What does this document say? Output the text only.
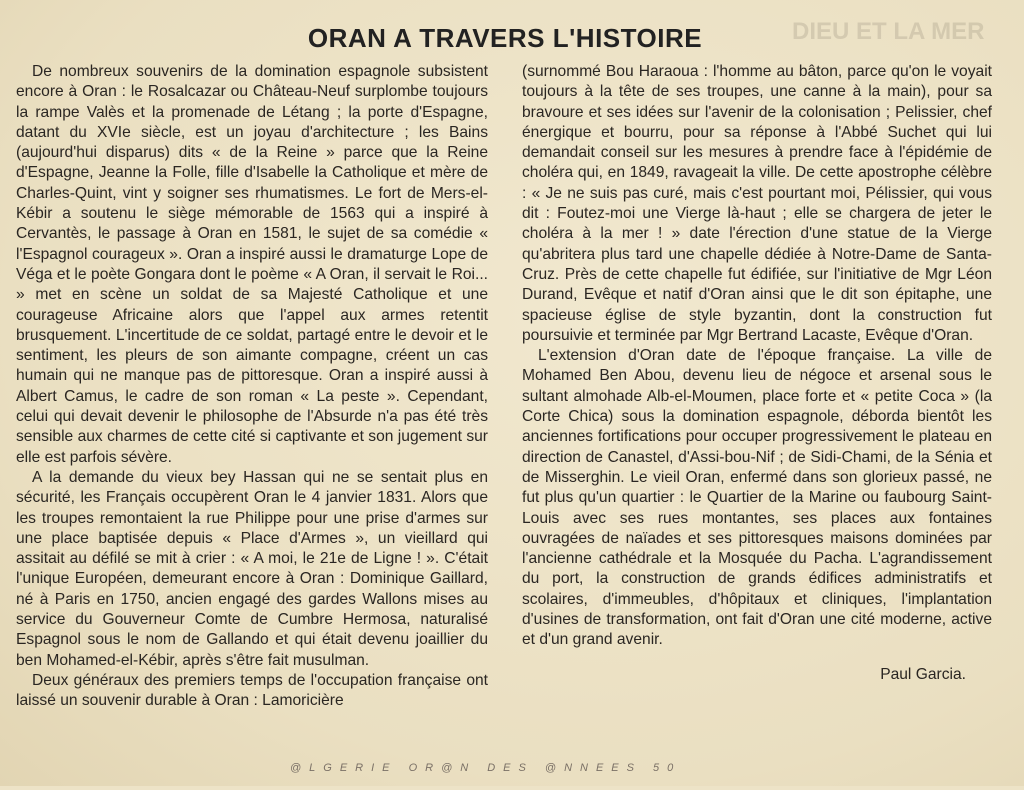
DIEU ET LA MER
ORAN A TRAVERS L'HISTOIRE

De nombreux souvenirs de la domination espagnole subsistent encore à Oran : le Rosalcazar ou Château-Neuf surplombe toujours la rampe Valès et la promenade de Létang ; la porte d'Espagne, datant du XVIe siècle, est un joyau d'architecture ; les Bains (aujourd'hui disparus) dits « de la Reine » parce que la Reine d'Espagne, Jeanne la Folle, fille d'Isabelle la Catholique et mère de Charles-Quint, vint y soigner ses rhumatismes. Le fort de Mers-el-Kébir a soutenu le siège mémorable de 1563 qui a inspiré à Cervantès, le passage à Oran en 1581, le sujet de sa comédie « l'Espagnol courageux ». Oran a inspiré aussi le dramaturge Lope de Véga et le poète Gongara dont le poème « A Oran, il servait le Roi... » met en scène un soldat de sa Majesté Catholique et une courageuse Africaine alors que l'appel aux armes retentit brusquement. L'incertitude de ce soldat, partagé entre le devoir et le sentiment, les pleurs de son aimante compagne, créent un cas humain qui ne manque pas de pittoresque. Oran a inspiré aussi à Albert Camus, le cadre de son roman « La peste ». Cependant, celui qui devait devenir le philosophe de l'Absurde n'a pas été très sensible aux charmes de cette cité si captivante et son jugement sur elle est parfois sévère.

A la demande du vieux bey Hassan qui ne se sentait plus en sécurité, les Français occupèrent Oran le 4 janvier 1831. Alors que les troupes remontaient la rue Philippe pour une prise d'armes sur une place baptisée depuis « Place d'Armes », un vieillard qui assitait au défilé se mit à crier : « A moi, le 21e de Ligne ! ». C'était l'unique Européen, demeurant encore à Oran : Dominique Gaillard, né à Paris en 1750, ancien engagé des gardes Wallons mises au service du Gouverneur Comte de Cumbre Hermosa, naturalisé Espagnol sous le nom de Gallando et qui était devenu joaillier du ben Mohamed-el-Kébir, après s'être fait musulman.

Deux généraux des premiers temps de l'occupation française ont laissé un souvenir durable à Oran : Lamoricière

(surnommé Bou Haraoua : l'homme au bâton, parce qu'on le voyait toujours à la tête de ses troupes, une canne à la main), pour sa bravoure et ses idées sur l'avenir de la colonisation ; Pelissier, chef énergique et bourru, pour sa réponse à l'Abbé Suchet qui lui demandait conseil sur les mesures à prendre face à l'épidémie de choléra qui, en 1849, ravageait la ville. De cette apostrophe célèbre : « Je ne suis pas curé, mais c'est pourtant moi, Pélissier, qui vous dit : Foutez-moi une Vierge là-haut ; elle se chargera de jeter le choléra à la mer ! » date l'érection d'une statue de la Vierge qu'abritera plus tard une chapelle dédiée à Notre-Dame de Santa-Cruz. Près de cette chapelle fut édifiée, sur l'initiative de Mgr Léon Durand, Evêque et natif d'Oran ainsi que le dit son épitaphe, une spacieuse église de style byzantin, dont la construction fut poursuivie et terminée par Mgr Bertrand Lacaste, Evêque d'Oran.

L'extension d'Oran date de l'époque française. La ville de Mohamed Ben Abou, devenu lieu de négoce et arsenal sous le sultant almohade Alb-el-Moumen, place forte et « petite Coca » (la Corte Chica) sous la domination espagnole, déborda bientôt les anciennes fortifications pour occuper progressivement le plateau en direction de Canastel, d'Assi-bou-Nif ; de Sidi-Chami, de la Sénia et de Misserghin. Le vieil Oran, enfermé dans son glorieux passé, ne fut plus qu'un quartier : le Quartier de la Marine ou faubourg Saint-Louis avec ses rues montantes, ses places aux fontaines ouvragées de naïades et ses pittoresques maisons dominées par l'ancienne cathédrale et la Mosquée du Pacha. L'agrandissement du port, la construction de grands édifices administratifs et scolaires, d'immeubles, d'hôpitaux et cliniques, l'implantation d'usines de transformation, ont fait d'Oran une cité moderne, active et d'un grand avenir.

Paul Garcia.

@LGERIE OR@N DES @NNEES 50
